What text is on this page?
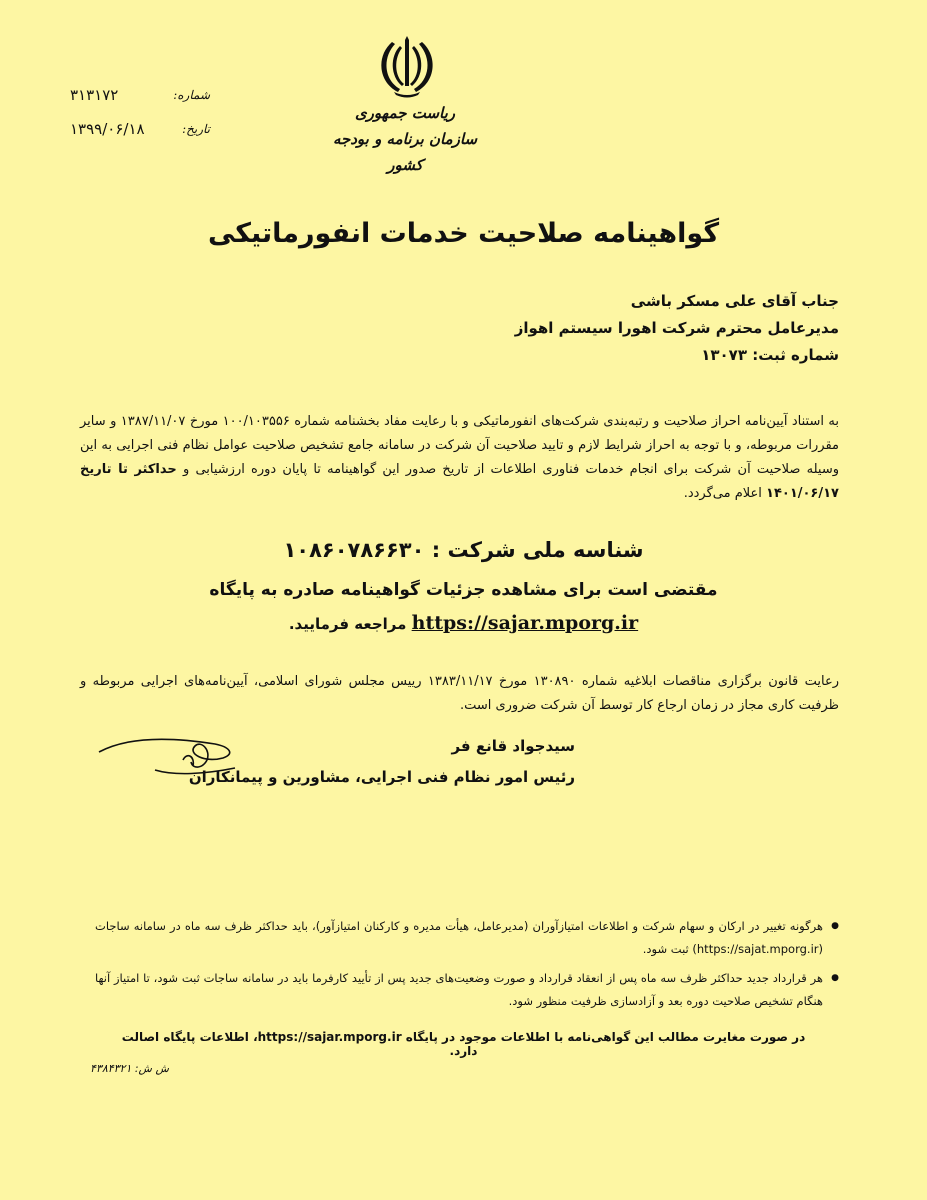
شماره:
۳۱۳۱۷۲
تاریخ:
۱۳۹۹/۰۶/۱۸
ریاست جمهوری
سازمان برنامه و بودجه کشور
گواهینامه صلاحیت خدمات انفورماتیکی
جناب آقای علی مسکر باشی
مدیرعامل محترم شرکت اهورا سیستم اهواز
شماره ثبت: ۱۳۰۷۳
به استناد آیین‌نامه احراز صلاحیت و رتبه‌بندی شرکت‌های انفورماتیکی و با رعایت مفاد بخشنامه شماره ۱۰۰/۱۰۳۵۵۶ مورخ ۱۳۸۷/۱۱/۰۷ و سایر مقررات مربوطه، و با توجه به احراز شرایط لازم و تایید صلاحیت آن شرکت در سامانه جامع تشخیص صلاحیت عوامل نظام فنی اجرایی به این وسیله صلاحیت آن شرکت برای انجام خدمات فناوری اطلاعات از تاریخ صدور این گواهینامه تا پایان دوره ارزشیابی و حداکثر تا تاریخ ۱۴۰۱/۰۶/۱۷ اعلام می‌گردد.
شناسه ملی شرکت : ۱۰۸۶۰۷۸۶۶۳۰
مقتضی است برای مشاهده جزئیات گواهینامه صادره به پایگاه
https://sajar.mporg.ir مراجعه فرمایید.
رعایت قانون برگزاری مناقصات ابلاغیه شماره ۱۳۰۸۹۰ مورخ ۱۳۸۳/۱۱/۱۷ رییس مجلس شورای اسلامی، آیین‌نامه‌های اجرایی مربوطه و ظرفیت کاری مجاز در زمان ارجاع کار توسط آن شرکت ضروری است.
سیدجواد قانع فر
رئیس امور نظام فنی اجرایی، مشاورین و پیمانکاران
● هرگونه تغییر در ارکان و سهام شرکت و اطلاعات امتیازآوران (مدیرعامل، هیأت مدیره و کارکنان امتیازآور)، باید حداکثر ظرف سه ماه در سامانه ساجات (https://sajat.mporg.ir) ثبت شود.
● هر قرارداد جدید حداکثر ظرف سه ماه پس از انعقاد قرارداد و صورت وضعیت‌های جدید پس از تأیید کارفرما باید در سامانه ساجات ثبت شود، تا امتیاز آنها هنگام تشخیص صلاحیت دوره بعد و آزادسازی ظرفیت منظور شود.
در صورت مغایرت مطالب این گواهی‌نامه با اطلاعات موجود در پایگاه https://sajar.mporg.ir، اطلاعات پایگاه اصالت دارد.
ش ش: ۴۳۸۴۳۲۱
